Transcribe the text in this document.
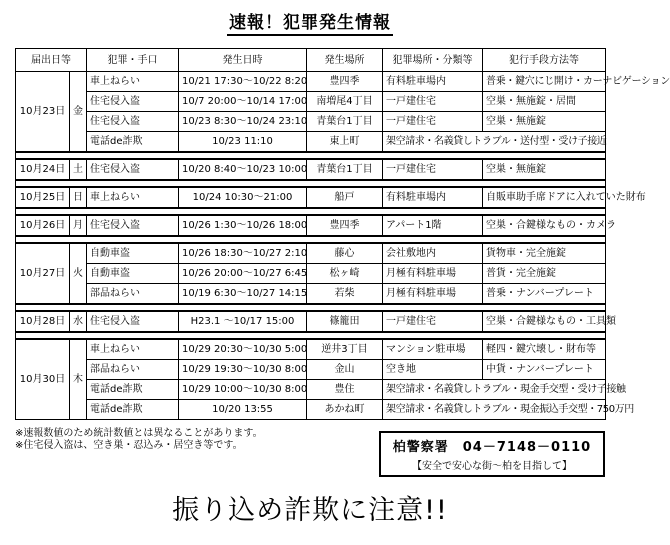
速報！犯罪発生情報
届出日等		犯罪・手口	発生日時	発生場所	犯罪場所・分類等	犯行手段方法等
10月23日	金	車上ねらい	10/21 17:30～10/22 8:20	豊四季	有料駐車場内	普乗・鍵穴にじ開け・カーナビゲーション
		住宅侵入盗	10/7 20:00～10/14 17:00	南増尾4丁目	一戸建住宅	空巣・無施錠・居間
		住宅侵入盗	10/23 8:30～10/24 23:10	青葉台1丁目	一戸建住宅	空巣・無施錠
		電話de詐欺	10/23 11:10	東上町	架空請求・名義貸しトラブル・送付型・受け子接近	

10月24日	土	住宅侵入盗	10/20 8:40～10/23 10:00	青葉台1丁目	一戸建住宅	空巣・無施錠

10月25日	日	車上ねらい	10/24 10:30～21:00	船戸	有料駐車場内	自販車助手席ドアに入れていた財布

10月26日	月	住宅侵入盗	10/26 1:30～10/26 18:00	豊四季	アパート1階	空巣・合鍵様なもの・カメラ

10月27日	火	自動車盗	10/26 18:30～10/27 2:10	藤心	会社敷地内	貨物車・完全施錠
		自動車盗	10/26 20:00～10/27 6:45	松ヶ崎	月極有料駐車場	普貨・完全施錠
		部品ねらい	10/19 6:30～10/27 14:15	若柴	月極有料駐車場	普乗・ナンバープレート

10月28日	水	住宅侵入盗	H23.1 ～10/17 15:00	篠籠田	一戸建住宅	空巣・合鍵様なもの・工具類

10月30日	木	車上ねらい	10/29 20:30～10/30 5:00	逆井3丁目	マンション駐車場	軽四・鍵穴壊し・財布等
		部品ねらい	10/29 19:30～10/30 8:00	金山	空き地	中貨・ナンバープレート
		電話de詐欺	10/29 10:00～10/30 8:00	豊住	架空請求・名義貸しトラブル・現金手交型・受け子接触	
		電話de詐欺	10/20 13:55	あかね町	架空請求・名義貸しトラブル・現金振込手交型・750万円	
※速報数値のため統計数値とは異なることがあります。
※住宅侵入盗は、空き巣・忍込み・居空き等です。	柏警察署 04－7148－0110
【安全で安心な街～柏を目指して】
振り込め詐欺に注意!!
